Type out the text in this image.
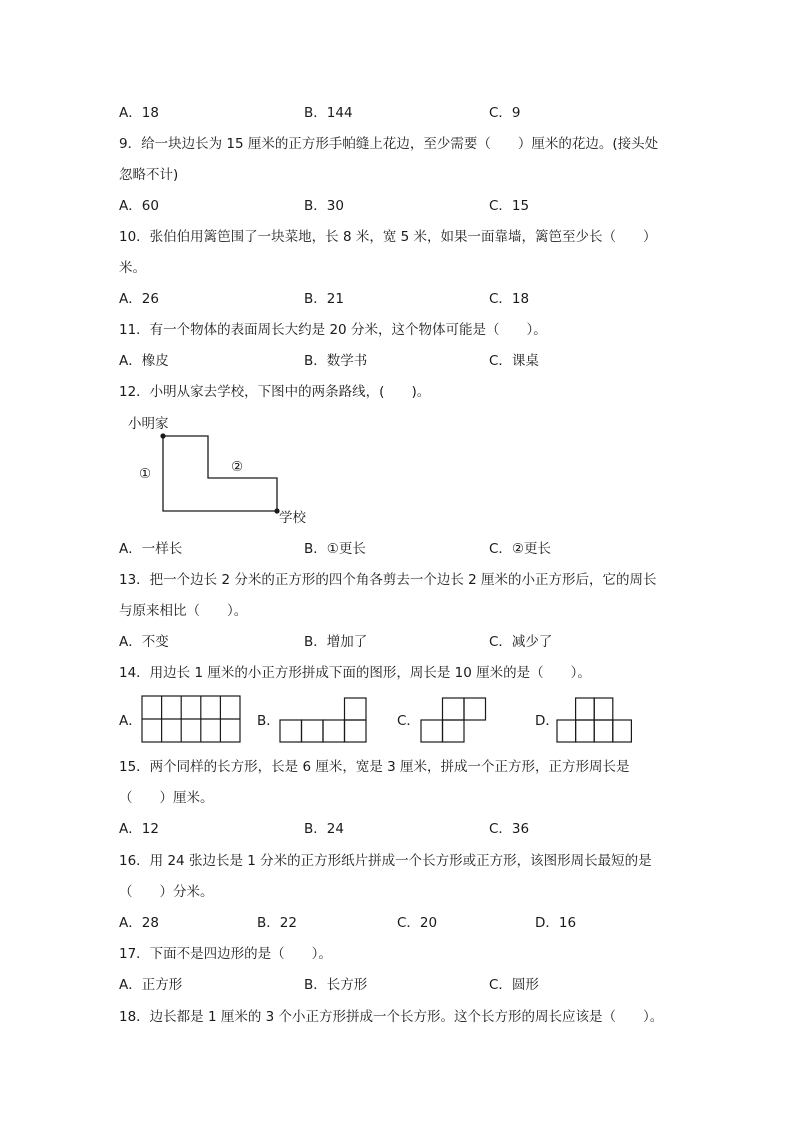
A．18	B．144	C．9
9．给一块边长为 15 厘米的正方形手帕缝上花边，至少需要（　　）厘米的花边。(接头处
忽略不计)
A．60	B．30	C．15
10．张伯伯用篱笆围了一块菜地，长 8 米，宽 5 米，如果一面靠墙，篱笆至少长（　　）
米。
A．26	B．21	C．18
11．有一个物体的表面周长大约是 20 分米，这个物体可能是（　　）。
A．橡皮	B．数学书	C．课桌
12．小明从家去学校，下图中的两条路线，(　　)。
小明家
①	②
学校
A．一样长	B．①更长	C．②更长
13．把一个边长 2 分米的正方形的四个角各剪去一个边长 2 厘米的小正方形后，它的周长
与原来相比（　　）。
A．不变	B．增加了	C．减少了
14．用边长 1 厘米的小正方形拼成下面的图形，周长是 10 厘米的是（　　）。
A．	B．	C．	D．
15．两个同样的长方形，长是 6 厘米，宽是 3 厘米，拼成一个正方形，正方形周长是
（　　）厘米。
A．12	B．24	C．36
16．用 24 张边长是 1 分米的正方形纸片拼成一个长方形或正方形，该图形周长最短的是
（　　）分米。
A．28	B．22	C．20	D．16
17．下面不是四边形的是（　　）。
A．正方形	B．长方形	C．圆形
18．边长都是 1 厘米的 3 个小正方形拼成一个长方形。这个长方形的周长应该是（　　）。
